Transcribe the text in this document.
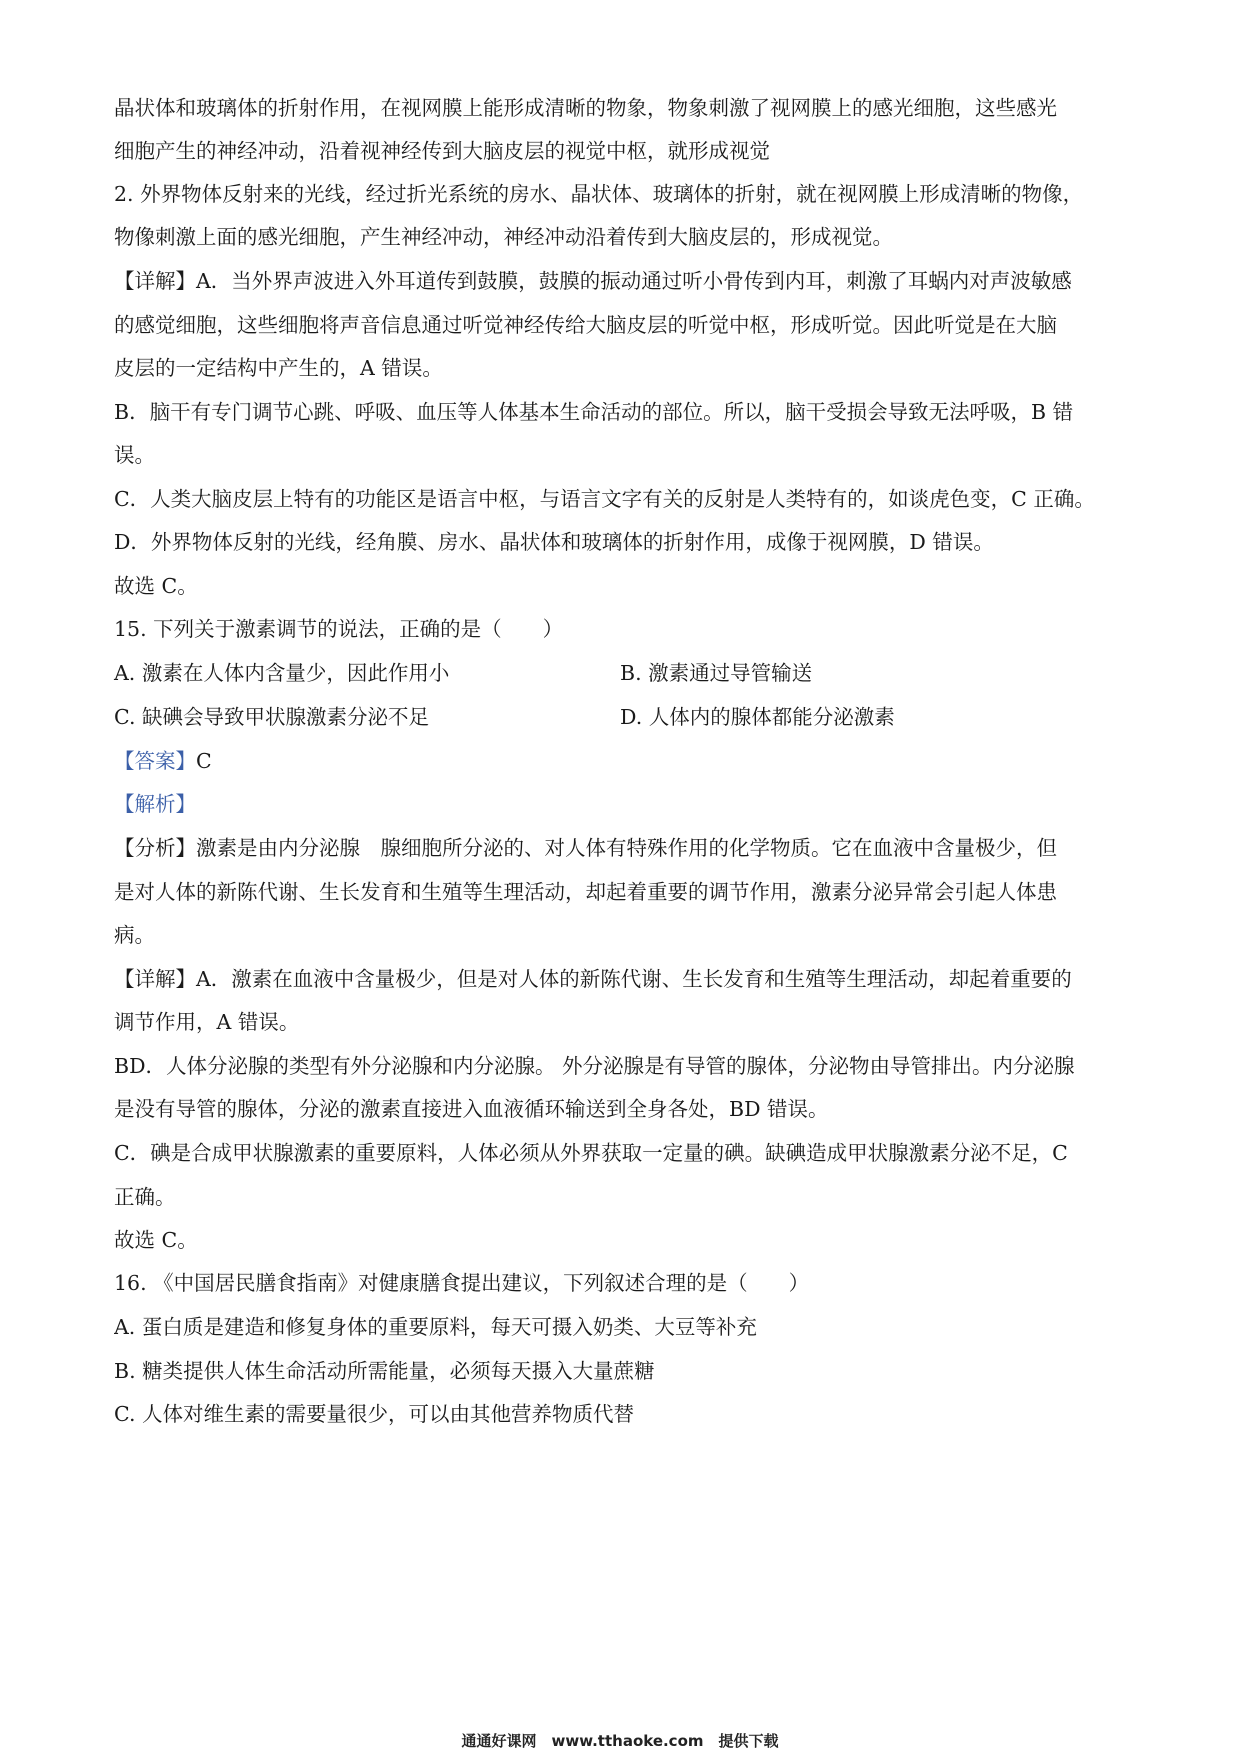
晶状体和玻璃体的折射作用，在视网膜上能形成清晰的物象，物象刺激了视网膜上的感光细胞，这些感光
细胞产生的神经冲动，沿着视神经传到大脑皮层的视觉中枢，就形成视觉
2. 外界物体反射来的光线，经过折光系统的房水、晶状体、玻璃体的折射，就在视网膜上形成清晰的物像，
物像刺激上面的感光细胞，产生神经冲动，神经冲动沿着传到大脑皮层的，形成视觉。
【详解】A．当外界声波进入外耳道传到鼓膜，鼓膜的振动通过听小骨传到内耳，刺激了耳蜗内对声波敏感
的感觉细胞，这些细胞将声音信息通过听觉神经传给大脑皮层的听觉中枢，形成听觉。因此听觉是在大脑
皮层的一定结构中产生的，A 错误。
B．脑干有专门调节心跳、呼吸、血压等人体基本生命活动的部位。所以，脑干受损会导致无法呼吸，B 错
误。
C．人类大脑皮层上特有的功能区是语言中枢，与语言文字有关的反射是人类特有的，如谈虎色变，C 正确。
D．外界物体反射的光线，经角膜、房水、晶状体和玻璃体的折射作用，成像于视网膜，D 错误。
故选 C。
15. 下列关于激素调节的说法，正确的是（　　）
A. 激素在人体内含量少，因此作用小	B. 激素通过导管输送
C. 缺碘会导致甲状腺激素分泌不足	D. 人体内的腺体都能分泌激素
【答案】C
【解析】
【分析】激素是由内分泌腺　腺细胞所分泌的、对人体有特殊作用的化学物质。它在血液中含量极少，但
是对人体的新陈代谢、生长发育和生殖等生理活动，却起着重要的调节作用，激素分泌异常会引起人体患
病。
【详解】A．激素在血液中含量极少，但是对人体的新陈代谢、生长发育和生殖等生理活动，却起着重要的
调节作用，A 错误。
BD．人体分泌腺的类型有外分泌腺和内分泌腺。 外分泌腺是有导管的腺体，分泌物由导管排出。内分泌腺
是没有导管的腺体，分泌的激素直接进入血液循环输送到全身各处，BD 错误。
C．碘是合成甲状腺激素的重要原料，人体必须从外界获取一定量的碘。缺碘造成甲状腺激素分泌不足，C
正确。
故选 C。
16. 《中国居民膳食指南》对健康膳食提出建议，下列叙述合理的是（　　）
A. 蛋白质是建造和修复身体的重要原料，每天可摄入奶类、大豆等补充
B. 糖类提供人体生命活动所需能量，必须每天摄入大量蔗糖
C. 人体对维生素的需要量很少，可以由其他营养物质代替
通通好课网　www.tthaoke.com　提供下载
